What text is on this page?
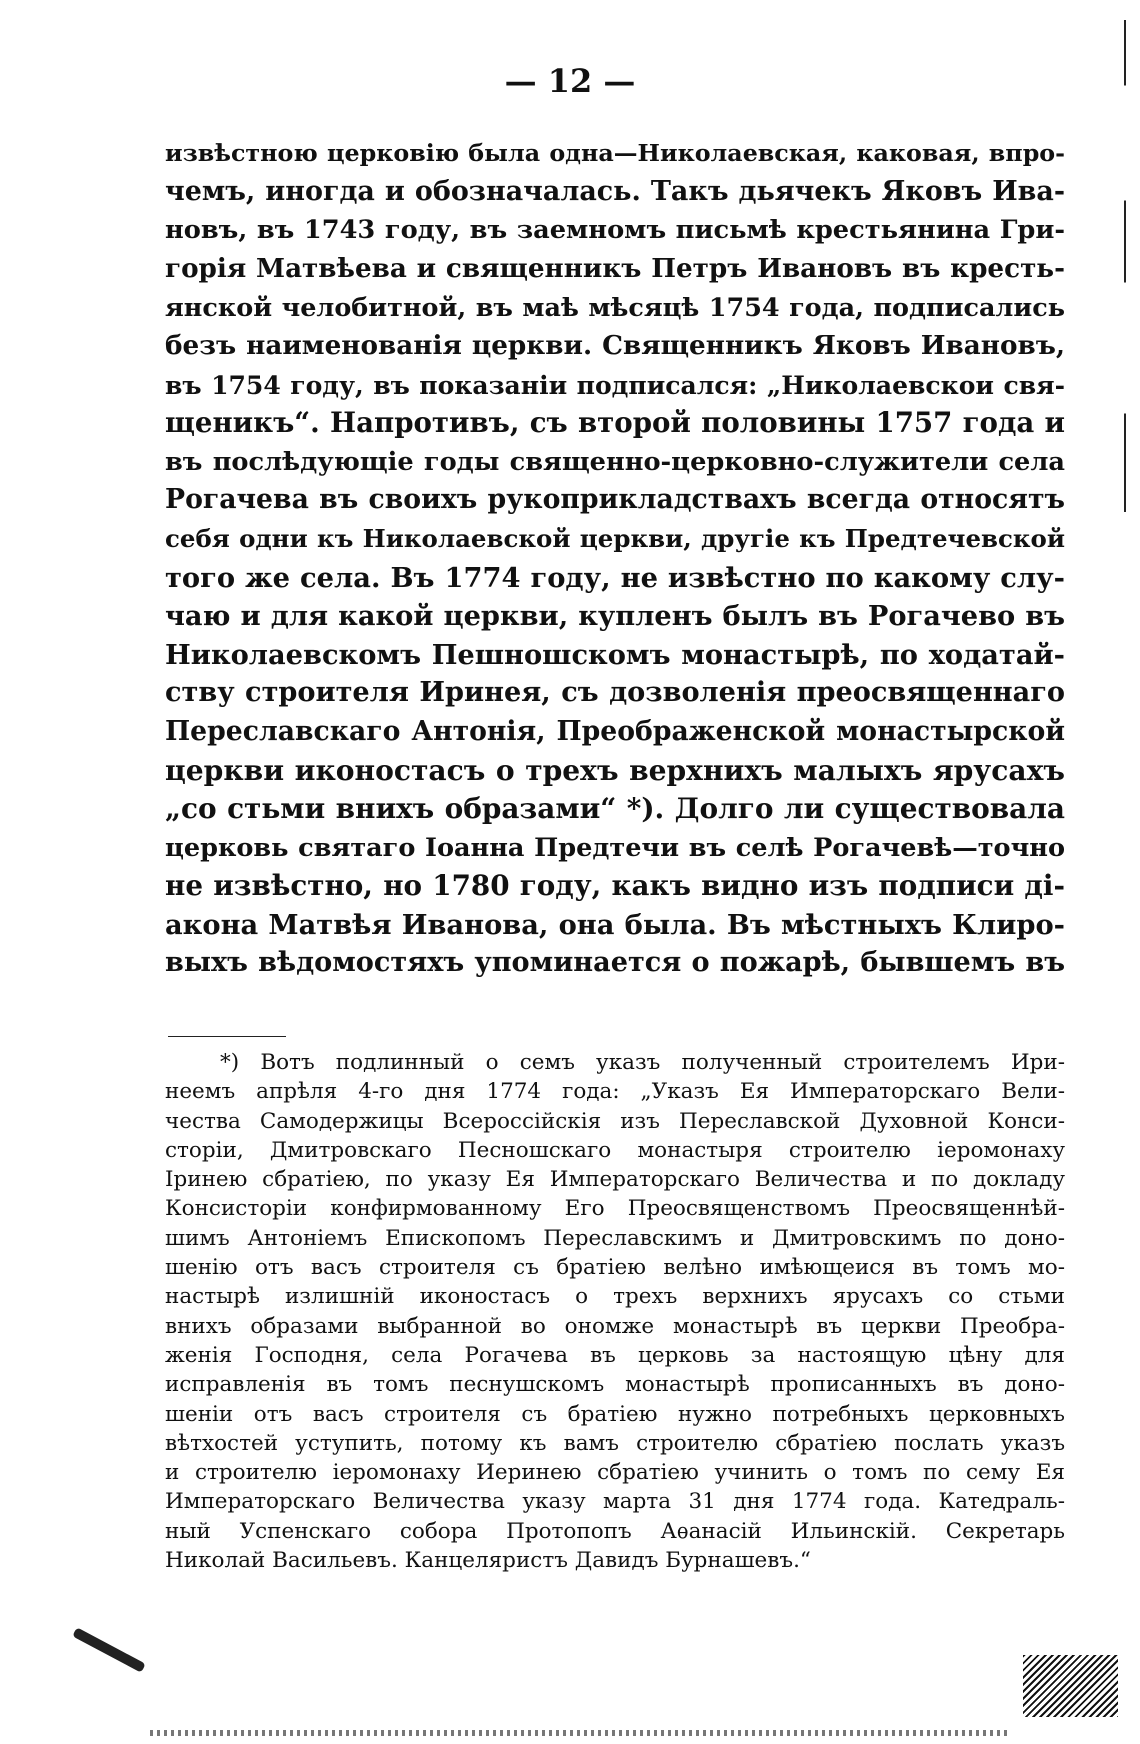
— 12 —
извѣстною церковію была одна—Николаевская, каковая, впро-
чемъ, иногда и обозначалась. Такъ дьячекъ Яковъ Ива-
новъ, въ 1743 году, въ заемномъ письмѣ крестьянина Гри-
горія Матвѣева и священникъ Петръ Ивановъ въ кресть-
янской челобитной, въ маѣ мѣсяцѣ 1754 года, подписались
безъ наименованія церкви. Священникъ Яковъ Ивановъ,
въ 1754 году, въ показаніи подписался: „Николаевскои свя-
щеникъ“. Напротивъ, съ второй половины 1757 года и
въ послѣдующіе годы священно-церковно-служители села
Рогачева въ своихъ рукоприкладствахъ всегда относятъ
себя одни къ Николаевской церкви, другіе къ Предтечевской
того же села. Въ 1774 году, не извѣстно по какому слу-
чаю и для какой церкви, купленъ былъ въ Рогачево въ
Николаевскомъ Пешношскомъ монастырѣ, по ходатай-
ству строителя Иринея, съ дозволенія преосвященнаго
Переславскаго Антонія, Преображенской монастырской
церкви иконостасъ о трехъ верхнихъ малыхъ ярусахъ
„со стьми вниxъ образами“ *). Долго ли существовала
церковь святаго Іоанна Предтечи въ селѣ Рогачевѣ—точно
не извѣстно, но 1780 году, какъ видно изъ подписи ді-
акона Матвѣя Иванова, она была. Въ мѣстныхъ Клиро-
выхъ вѣдомостяхъ упоминается о пожарѣ, бывшемъ въ
*) Вотъ подлинный о семъ указъ полученный строителемъ Ири-
неемъ апрѣля 4-го дня 1774 года: „Указъ Ея Императорскаго Вели-
чества Самодержицы Всероссійскія изъ Переславской Духовной Конси-
сторіи, Дмитровскаго Песношскаго монастыря строителю іеромонаху
Іринею сбратіею, по указу Ея Императорскаго Величества и по докладу
Консисторіи конфирмованному Его Преосвященствомъ Преосвященнѣй-
шимъ Антоніемъ Епископомъ Переславскимъ и Дмитровскимъ по доно-
шенію отъ васъ строителя съ братіею велѣно имѣющеися въ томъ мо-
настырѣ излишній иконостасъ о трехъ верхнихъ ярусахъ со стьми
вниxъ образами выбранной во ономже монастырѣ въ церкви Преобра-
женія Господня, села Рогачева въ церковь за настоящую цѣну для
исправленія въ томъ песнушскомъ монастырѣ прописанныхъ въ доно-
шеніи отъ васъ строителя съ братіею нужно потребныхъ церковныхъ
вѣтхостей уступить, потому къ вамъ строителю сбратіею послать указъ
и строителю іеромонаху Иеринею сбратіею учинить о томъ по сему Ея
Императорскаго Величества указу марта 31 дня 1774 года. Катедраль-
ный Успенскаго собора Протопопъ Аѳанасій Ильинскій. Секретарь
Николай Васильевъ. Канцеляристъ Давидъ Бурнашевъ.“
